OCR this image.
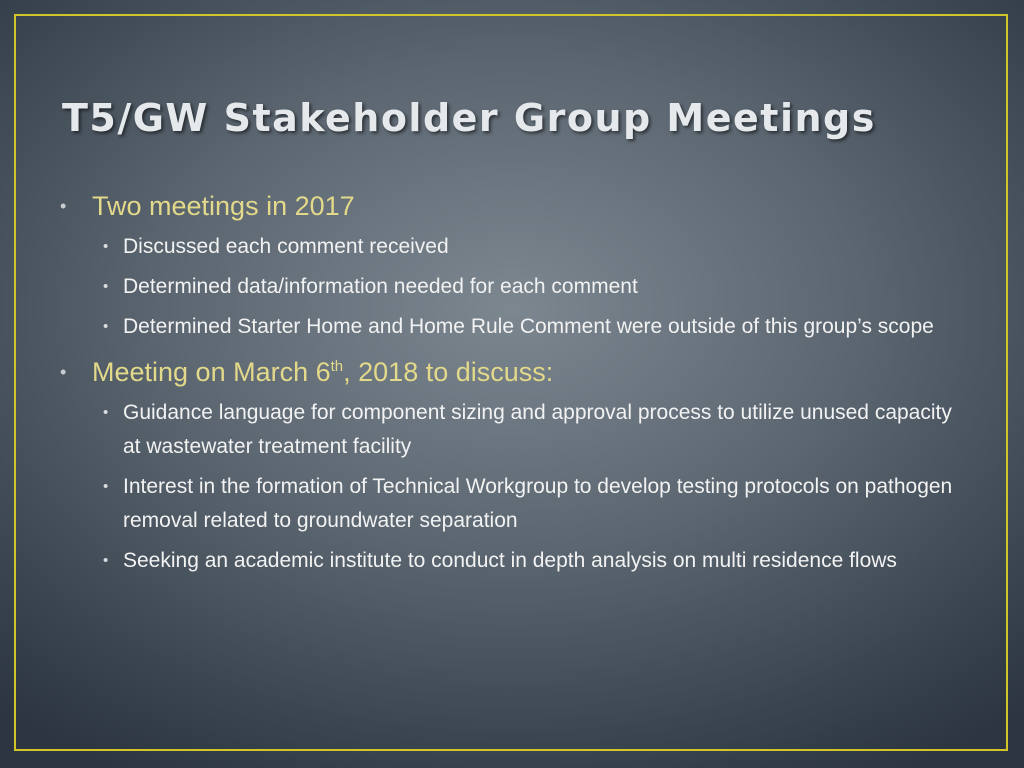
T5/GW Stakeholder Group Meetings
• Two meetings in 2017
• Discussed each comment received
• Determined data/information needed for each comment
• Determined Starter Home and Home Rule Comment were outside of this group’s scope
• Meeting on March 6th, 2018 to discuss:
• Guidance language for component sizing and approval process to utilize unused capacity at wastewater treatment facility
• Interest in the formation of Technical Workgroup to develop testing protocols on pathogen removal related to groundwater separation
• Seeking an academic institute to conduct in depth analysis on multi residence flows
